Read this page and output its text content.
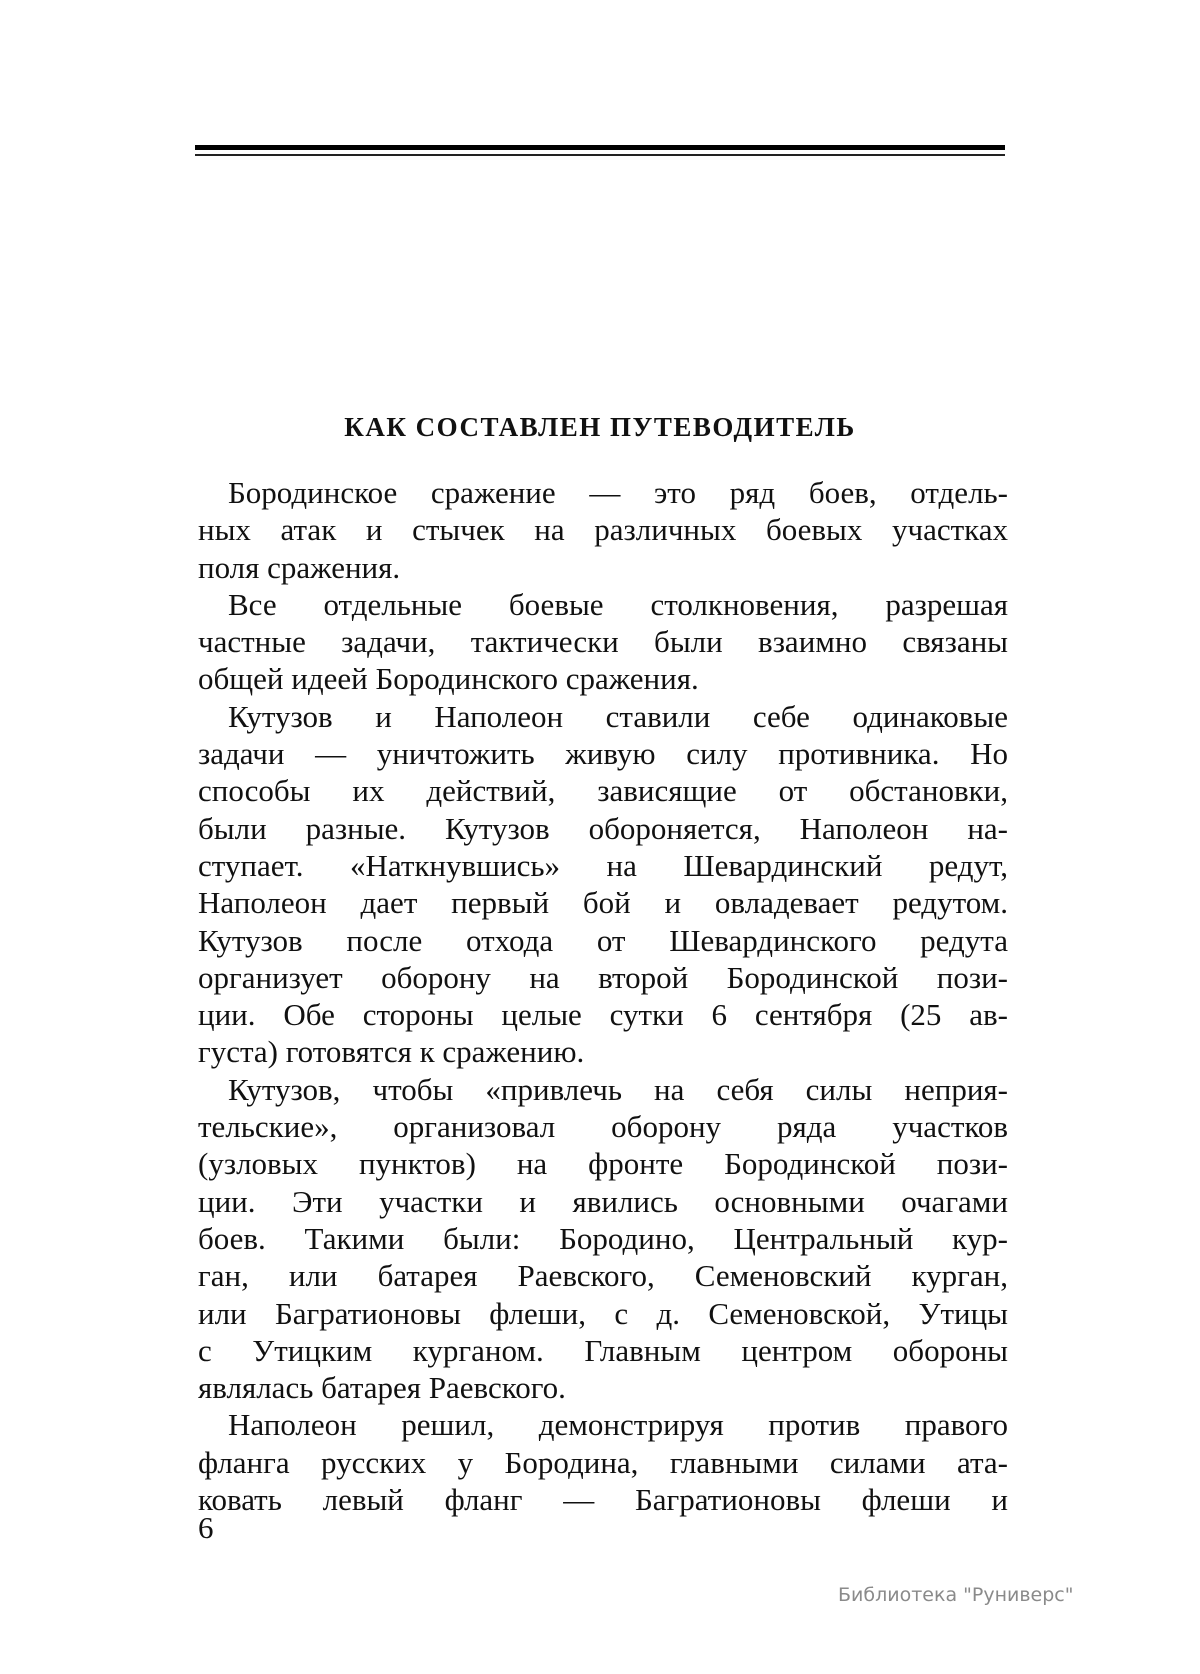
КАК СОСТАВЛЕН ПУТЕВОДИТЕЛЬ
Бородинское сражение — это ряд боев, отдель-
ных атак и стычек на различных боевых участках
поля сражения.
Все отдельные боевые столкновения, разрешая
частные задачи, тактически были взаимно связаны
общей идеей Бородинского сражения.
Кутузов и Наполеон ставили себе одинаковые
задачи — уничтожить живую силу противника. Но
способы их действий, зависящие от обстановки,
были разные. Кутузов обороняется, Наполеон на-
ступает. «Наткнувшись» на Шевардинский редут,
Наполеон дает первый бой и овладевает редутом.
Кутузов после отхода от Шевардинского редута
организует оборону на второй Бородинской пози-
ции. Обе стороны целые сутки 6 сентября (25 ав-
густа) готовятся к сражению.
Кутузов, чтобы «привлечь на себя силы неприя-
тельские», организовал оборону ряда участков
(узловых пунктов) на фронте Бородинской пози-
ции. Эти участки и явились основными очагами
боев. Такими были: Бородино, Центральный кур-
ган, или батарея Раевского, Семеновский курган,
или Багратионовы флеши, с д. Семеновской, Утицы
с Утицким курганом. Главным центром обороны
являлась батарея Раевского.
Наполеон решил, демонстрируя против правого
фланга русских у Бородина, главными силами ата-
ковать левый фланг — Багратионовы флеши и
6
Библиотека "Руниверс"
